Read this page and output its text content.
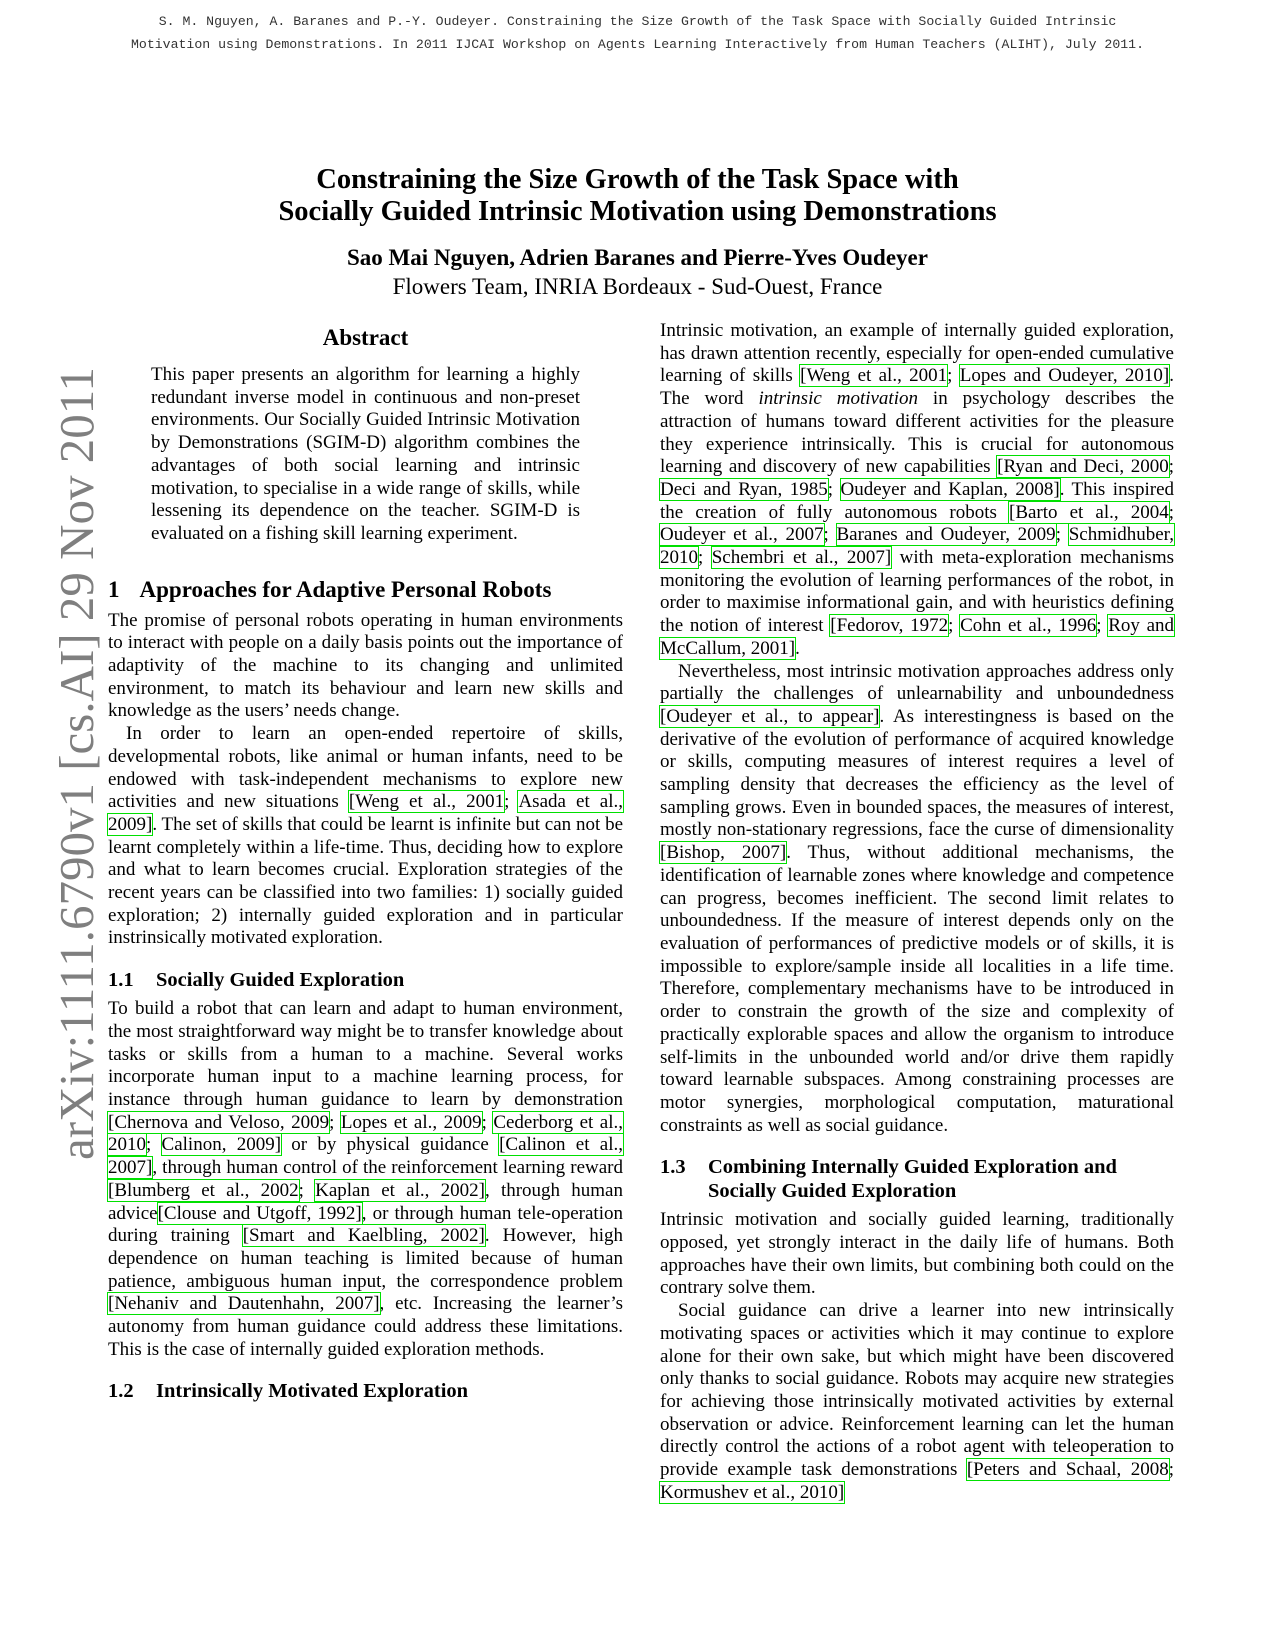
S. M. Nguyen, A. Baranes and P.-Y. Oudeyer. Constraining the Size Growth of the Task Space with Socially Guided Intrinsic
Motivation using Demonstrations. In 2011 IJCAI Workshop on Agents Learning Interactively from Human Teachers (ALIHT), July 2011.
arXiv:1111.6790v1 [cs.AI] 29 Nov 2011
Constraining the Size Growth of the Task Space with
Socially Guided Intrinsic Motivation using Demonstrations
Sao Mai Nguyen, Adrien Baranes and Pierre-Yves Oudeyer
Flowers Team, INRIA Bordeaux - Sud-Ouest, France
Abstract
This paper presents an algorithm for learning a highly redundant inverse model in continuous and non-preset environments. Our Socially Guided Intrinsic Motivation by Demonstrations (SGIM-D) algorithm combines the advantages of both social learning and intrinsic motivation, to specialise in a wide range of skills, while lessening its dependence on the teacher. SGIM-D is evaluated on a fishing skill learning experiment.
1 Approaches for Adaptive Personal Robots

The promise of personal robots operating in human environments to interact with people on a daily basis points out the importance of adaptivity of the machine to its changing and unlimited environment, to match its behaviour and learn new skills and knowledge as the users’ needs change.

In order to learn an open-ended repertoire of skills, developmental robots, like animal or human infants, need to be endowed with task-independent mechanisms to explore new activities and new situations [Weng et al., 2001; Asada et al., 2009]. The set of skills that could be learnt is infinite but can not be learnt completely within a life-time. Thus, deciding how to explore and what to learn becomes crucial. Exploration strategies of the recent years can be classified into two families: 1) socially guided exploration; 2) internally guided exploration and in particular instrinsically motivated exploration.

1.1 Socially Guided Exploration

To build a robot that can learn and adapt to human environment, the most straightforward way might be to transfer knowledge about tasks or skills from a human to a machine. Several works incorporate human input to a machine learning process, for instance through human guidance to learn by demonstration [Chernova and Veloso, 2009; Lopes et al., 2009; Cederborg et al., 2010; Calinon, 2009] or by physical guidance [Calinon et al., 2007], through human control of the reinforcement learning reward [Blumberg et al., 2002; Kaplan et al., 2002], through human advice[Clouse and Utgoff, 1992], or through human tele-operation during training [Smart and Kaelbling, 2002]. However, high dependence on human teaching is limited because of human patience, ambiguous human input, the correspondence problem [Nehaniv and Dautenhahn, 2007], etc. Increasing the learner’s autonomy from human guidance could address these limitations. This is the case of internally guided exploration methods.

1.2 Intrinsically Motivated Exploration

Intrinsic motivation, an example of internally guided exploration, has drawn attention recently, especially for open-ended cumulative learning of skills [Weng et al., 2001; Lopes and Oudeyer, 2010]. The word intrinsic motivation in psychology describes the attraction of humans toward different activities for the pleasure they experience intrinsically. This is crucial for autonomous learning and discovery of new capabilities [Ryan and Deci, 2000; Deci and Ryan, 1985; Oudeyer and Kaplan, 2008]. This inspired the creation of fully autonomous robots [Barto et al., 2004; Oudeyer et al., 2007; Baranes and Oudeyer, 2009; Schmidhuber, 2010; Schembri et al., 2007] with meta-exploration mechanisms monitoring the evolution of learning performances of the robot, in order to maximise informational gain, and with heuristics defining the notion of interest [Fedorov, 1972; Cohn et al., 1996; Roy and McCallum, 2001].

Nevertheless, most intrinsic motivation approaches address only partially the challenges of unlearnability and unboundedness [Oudeyer et al., to appear]. As interestingness is based on the derivative of the evolution of performance of acquired knowledge or skills, computing measures of interest requires a level of sampling density that decreases the efficiency as the level of sampling grows. Even in bounded spaces, the measures of interest, mostly non-stationary regressions, face the curse of dimensionality [Bishop, 2007]. Thus, without additional mechanisms, the identification of learnable zones where knowledge and competence can progress, becomes inefficient. The second limit relates to unboundedness. If the measure of interest depends only on the evaluation of performances of predictive models or of skills, it is impossible to explore/sample inside all localities in a life time. Therefore, complementary mechanisms have to be introduced in order to constrain the growth of the size and complexity of practically explorable spaces and allow the organism to introduce self-limits in the unbounded world and/or drive them rapidly toward learnable subspaces. Among constraining processes are motor synergies, morphological computation, maturational constraints as well as social guidance.

1.3 Combining Internally Guided Exploration and
Socially Guided Exploration

Intrinsic motivation and socially guided learning, traditionally opposed, yet strongly interact in the daily life of humans. Both approaches have their own limits, but combining both could on the contrary solve them.

Social guidance can drive a learner into new intrinsically motivating spaces or activities which it may continue to explore alone for their own sake, but which might have been discovered only thanks to social guidance. Robots may acquire new strategies for achieving those intrinsically motivated activities by external observation or advice. Reinforcement learning can let the human directly control the actions of a robot agent with teleoperation to provide example task demonstrations [Peters and Schaal, 2008; Kormushev et al., 2010]
